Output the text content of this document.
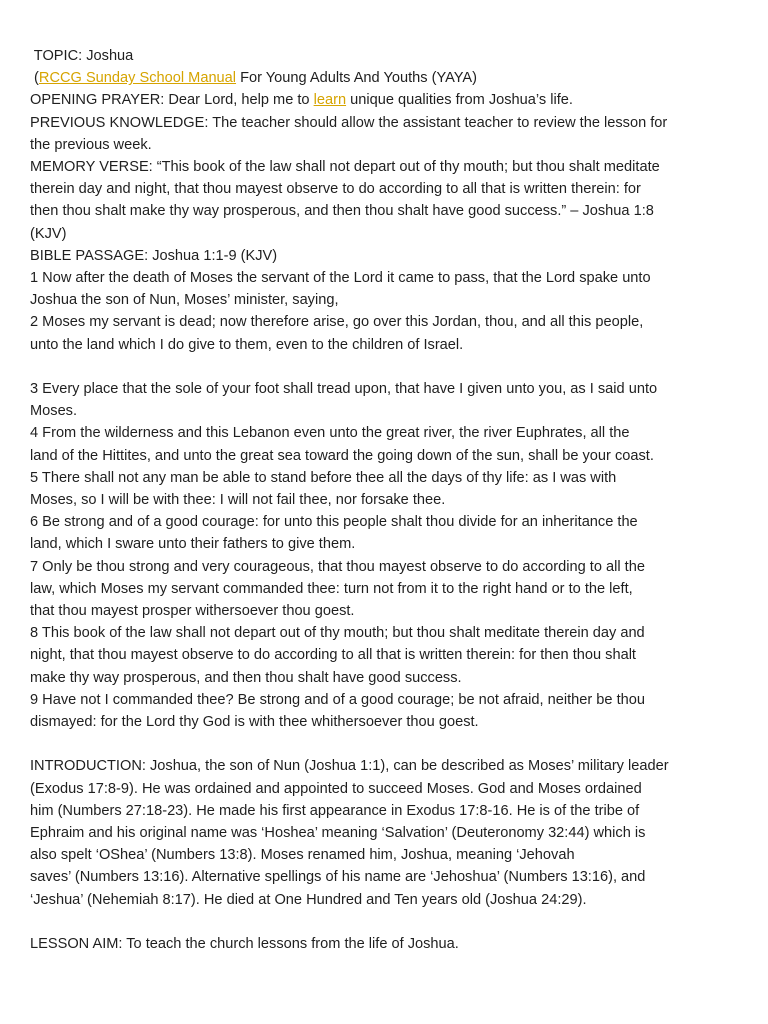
TOPIC: Joshua
(RCCG Sunday School Manual For Young Adults And Youths (YAYA)
OPENING PRAYER: Dear Lord, help me to learn unique qualities from Joshua’s life.
PREVIOUS KNOWLEDGE: The teacher should allow the assistant teacher to review the lesson for
the previous week.
MEMORY VERSE: “This book of the law shall not depart out of thy mouth; but thou shalt meditate
therein day and night, that thou mayest observe to do according to all that is written therein: for
then thou shalt make thy way prosperous, and then thou shalt have good success.” – Joshua 1:8
(KJV)
BIBLE PASSAGE: Joshua 1:1-9 (KJV)
1 Now after the death of Moses the servant of the Lord it came to pass, that the Lord spake unto
Joshua the son of Nun, Moses’ minister, saying,
2 Moses my servant is dead; now therefore arise, go over this Jordan, thou, and all this people,
unto the land which I do give to them, even to the children of Israel.
3 Every place that the sole of your foot shall tread upon, that have I given unto you, as I said unto
Moses.
4 From the wilderness and this Lebanon even unto the great river, the river Euphrates, all the
land of the Hittites, and unto the great sea toward the going down of the sun, shall be your coast.
5 There shall not any man be able to stand before thee all the days of thy life: as I was with
Moses, so I will be with thee: I will not fail thee, nor forsake thee.
6 Be strong and of a good courage: for unto this people shalt thou divide for an inheritance the
land, which I sware unto their fathers to give them.
7 Only be thou strong and very courageous, that thou mayest observe to do according to all the
law, which Moses my servant commanded thee: turn not from it to the right hand or to the left,
that thou mayest prosper withersoever thou goest.
8 This book of the law shall not depart out of thy mouth; but thou shalt meditate therein day and
night, that thou mayest observe to do according to all that is written therein: for then thou shalt
make thy way prosperous, and then thou shalt have good success.
9 Have not I commanded thee? Be strong and of a good courage; be not afraid, neither be thou
dismayed: for the Lord thy God is with thee whithersoever thou goest.
INTRODUCTION: Joshua, the son of Nun (Joshua 1:1), can be described as Moses’ military leader
(Exodus 17:8-9). He was ordained and appointed to succeed Moses. God and Moses ordained
him (Numbers 27:18-23). He made his first appearance in Exodus 17:8-16. He is of the tribe of
Ephraim and his original name was ‘Hoshea’ meaning ‘Salvation’ (Deuteronomy 32:44) which is
also spelt ‘OShea’ (Numbers 13:8). Moses renamed him, Joshua, meaning ‘Jehovah
saves’ (Numbers 13:16). Alternative spellings of his name are ‘Jehoshua’ (Numbers 13:16), and
‘Jeshua’ (Nehemiah 8:17). He died at One Hundred and Ten years old (Joshua 24:29).
LESSON AIM: To teach the church lessons from the life of Joshua.
